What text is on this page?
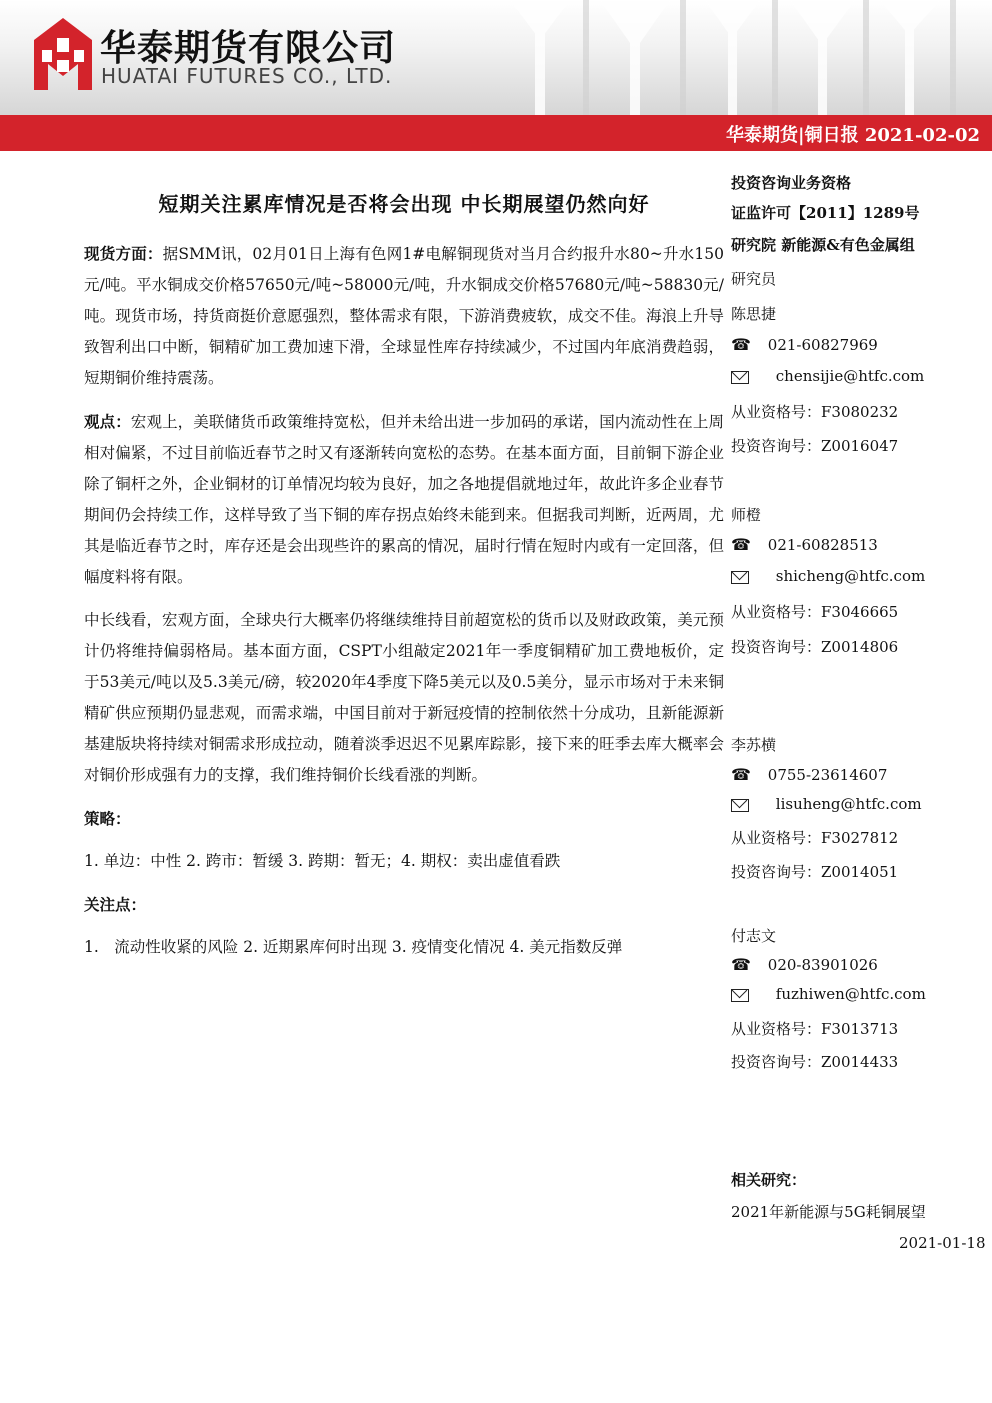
华泰期货有限公司
HUATAI FUTURES CO., LTD.
华泰期货|铜日报 2021-02-02
短期关注累库情况是否将会出现 中长期展望仍然向好

现货方面：据SMM讯，02月01日上海有色网1#电解铜现货对当月合约报升水80~升水150元/吨。平水铜成交价格57650元/吨~58000元/吨，升水铜成交价格57680元/吨~58830元/吨。现货市场，持货商挺价意愿强烈，整体需求有限，下游消费疲软，成交不佳。海浪上升导致智利出口中断，铜精矿加工费加速下滑，全球显性库存持续减少，不过国内年底消费趋弱，短期铜价维持震荡。

观点：宏观上，美联储货币政策维持宽松，但并未给出进一步加码的承诺，国内流动性在上周相对偏紧，不过目前临近春节之时又有逐渐转向宽松的态势。在基本面方面，目前铜下游企业除了铜杆之外，企业铜材的订单情况均较为良好，加之各地提倡就地过年，故此许多企业春节期间仍会持续工作，这样导致了当下铜的库存拐点始终未能到来。但据我司判断，近两周，尤其是临近春节之时，库存还是会出现些许的累高的情况，届时行情在短时内或有一定回落，但幅度料将有限。

中长线看，宏观方面，全球央行大概率仍将继续维持目前超宽松的货币以及财政政策，美元预计仍将维持偏弱格局。基本面方面，CSPT小组敲定2021年一季度铜精矿加工费地板价，定于53美元/吨以及5.3美元/磅，较2020年4季度下降5美元以及0.5美分，显示市场对于未来铜精矿供应预期仍显悲观，而需求端，中国目前对于新冠疫情的控制依然十分成功，且新能源新基建版块将持续对铜需求形成拉动，随着淡季迟迟不见累库踪影，接下来的旺季去库大概率会对铜价形成强有力的支撑，我们维持铜价长线看涨的判断。

策略：

1. 单边：中性 2. 跨市：暂缓 3. 跨期：暂无；4. 期权：卖出虚值看跌

关注点：

1.　流动性收紧的风险 2. 近期累库何时出现 3. 疫情变化情况 4. 美元指数反弹

投资咨询业务资格
证监许可【2011】1289号
研究院 新能源&有色金属组
研究员
陈思捷
☎ 021-60827969
chensijie@htfc.com
从业资格号：F3080232
投资咨询号：Z0016047
师橙
☎ 021-60828513
shicheng@htfc.com
从业资格号：F3046665
投资咨询号：Z0014806
李苏横
☎ 0755-23614607
lisuheng@htfc.com
从业资格号：F3027812
投资咨询号：Z0014051
付志文
☎ 020-83901026
fuzhiwen@htfc.com
从业资格号：F3013713
投资咨询号：Z0014433
相关研究：
2021年新能源与5G耗铜展望
2021-01-18
